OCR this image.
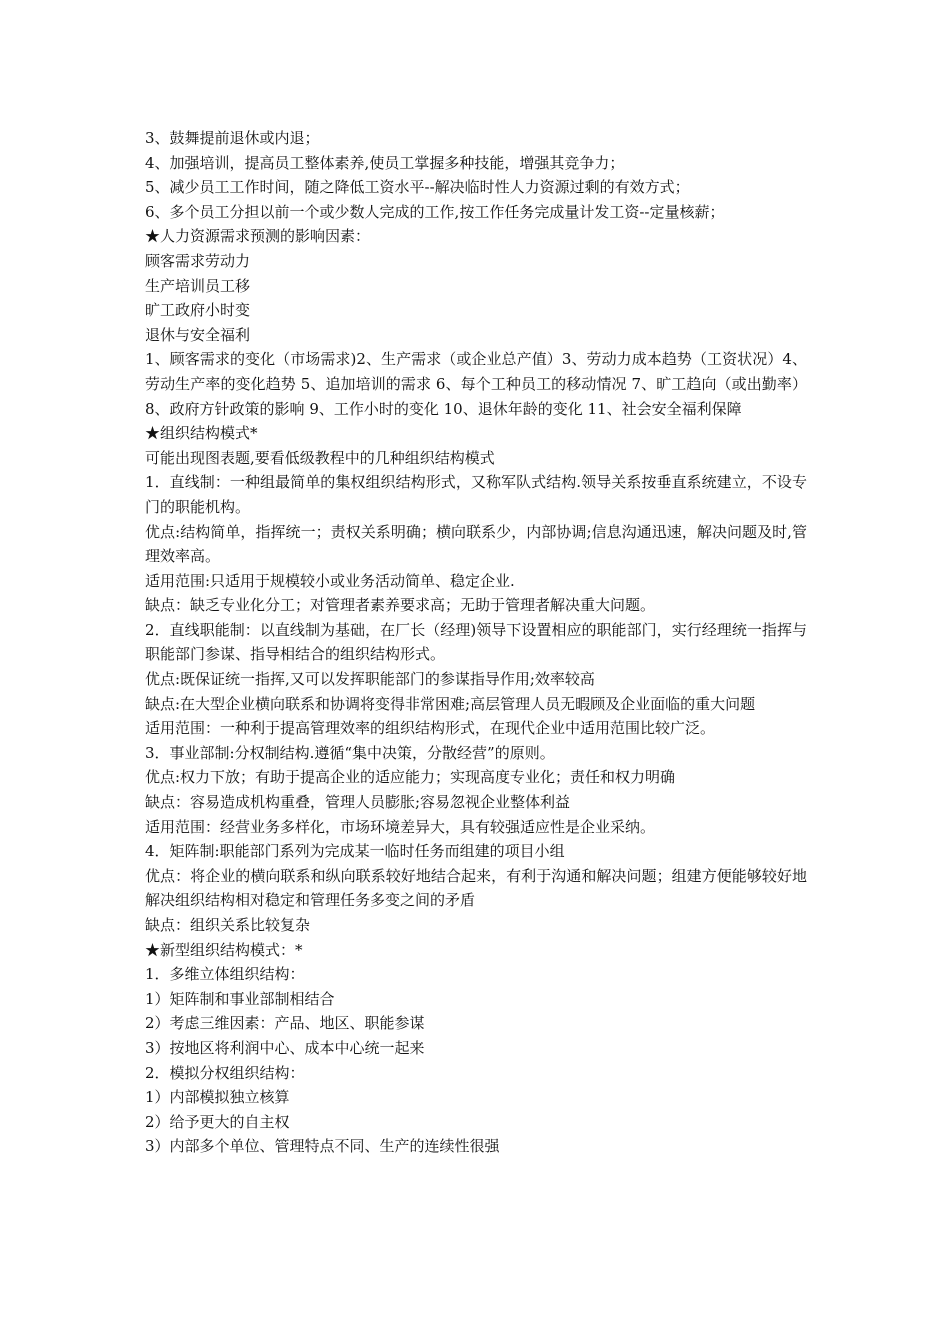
3、鼓舞提前退休或内退；

4、加强培训，提高员工整体素养,使员工掌握多种技能，增强其竞争力；

5、减少员工工作时间，随之降低工资水平--解决临时性人力资源过剩的有效方式；

6、多个员工分担以前一个或少数人完成的工作,按工作任务完成量计发工资--定量核薪；

★人力资源需求预测的影响因素：

顾客需求劳动力

生产培训员工移

旷工政府小时变

退休与安全福利

1、顾客需求的变化（市场需求)2、生产需求（或企业总产值）3、劳动力成本趋势（工资状况）4、劳动生产率的变化趋势 5、追加培训的需求 6、每个工种员工的移动情况 7、旷工趋向（或出勤率）8、政府方针政策的影响 9、工作小时的变化 10、退休年龄的变化 11、社会安全福利保障

★组织结构模式*

可能出现图表题,要看低级教程中的几种组织结构模式

1．直线制：一种组最简单的集权组织结构形式，又称军队式结构.领导关系按垂直系统建立，不设专门的职能机构。

优点:结构简单，指挥统一；责权关系明确；横向联系少，内部协调;信息沟通迅速，解决问题及时,管理效率高。

适用范围:只适用于规模较小或业务活动简单、稳定企业.

缺点：缺乏专业化分工；对管理者素养要求高；无助于管理者解决重大问题。

2．直线职能制：以直线制为基础，在厂长（经理)领导下设置相应的职能部门，实行经理统一指挥与职能部门参谋、指导相结合的组织结构形式。

优点:既保证统一指挥,又可以发挥职能部门的参谋指导作用;效率较高

缺点:在大型企业横向联系和协调将变得非常困难;高层管理人员无暇顾及企业面临的重大问题

适用范围：一种利于提高管理效率的组织结构形式，在现代企业中适用范围比较广泛。

3．事业部制:分权制结构.遵循“集中决策，分散经营”的原则。

优点:权力下放；有助于提高企业的适应能力；实现高度专业化；责任和权力明确

缺点：容易造成机构重叠，管理人员膨胀;容易忽视企业整体利益

适用范围：经营业务多样化，市场环境差异大，具有较强适应性是企业采纳。

4．矩阵制:职能部门系列为完成某一临时任务而组建的项目小组

优点：将企业的横向联系和纵向联系较好地结合起来，有利于沟通和解决问题；组建方便能够较好地解决组织结构相对稳定和管理任务多变之间的矛盾

缺点：组织关系比较复杂

★新型组织结构模式：*

1．多维立体组织结构：

1）矩阵制和事业部制相结合

2）考虑三维因素：产品、地区、职能参谋

3）按地区将利润中心、成本中心统一起来

2．模拟分权组织结构：

1）内部模拟独立核算

2）给予更大的自主权

3）内部多个单位、管理特点不同、生产的连续性很强
